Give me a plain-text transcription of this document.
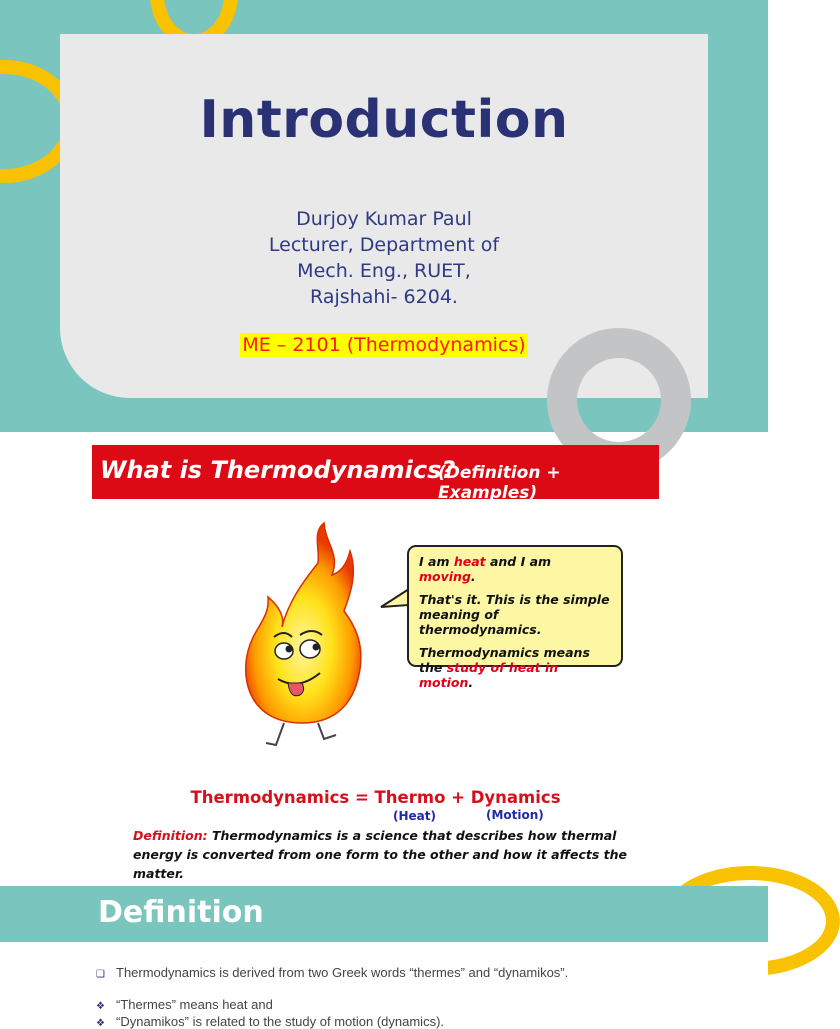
Introduction
Durjoy Kumar Paul
Lecturer, Department of
Mech. Eng., RUET,
Rajshahi- 6204.
ME – 2101 (Thermodynamics)
What is Thermodynamics?
(Definition + Examples)

I am heat and I am moving.

That's it. This is the simple meaning of thermodynamics.

Thermodynamics means the study of heat in motion.

Thermodynamics = Thermo + Dynamics
(Heat)	(Motion)
Definition: Thermodynamics is a science that describes how thermal energy is converted from one form to the other and how it affects the matter.
Definition
❑ Thermodynamics is derived from two Greek words “thermes” and “dynamikos”.
❖ “Thermes” means heat and
❖ “Dynamikos” is related to the study of motion (dynamics).
